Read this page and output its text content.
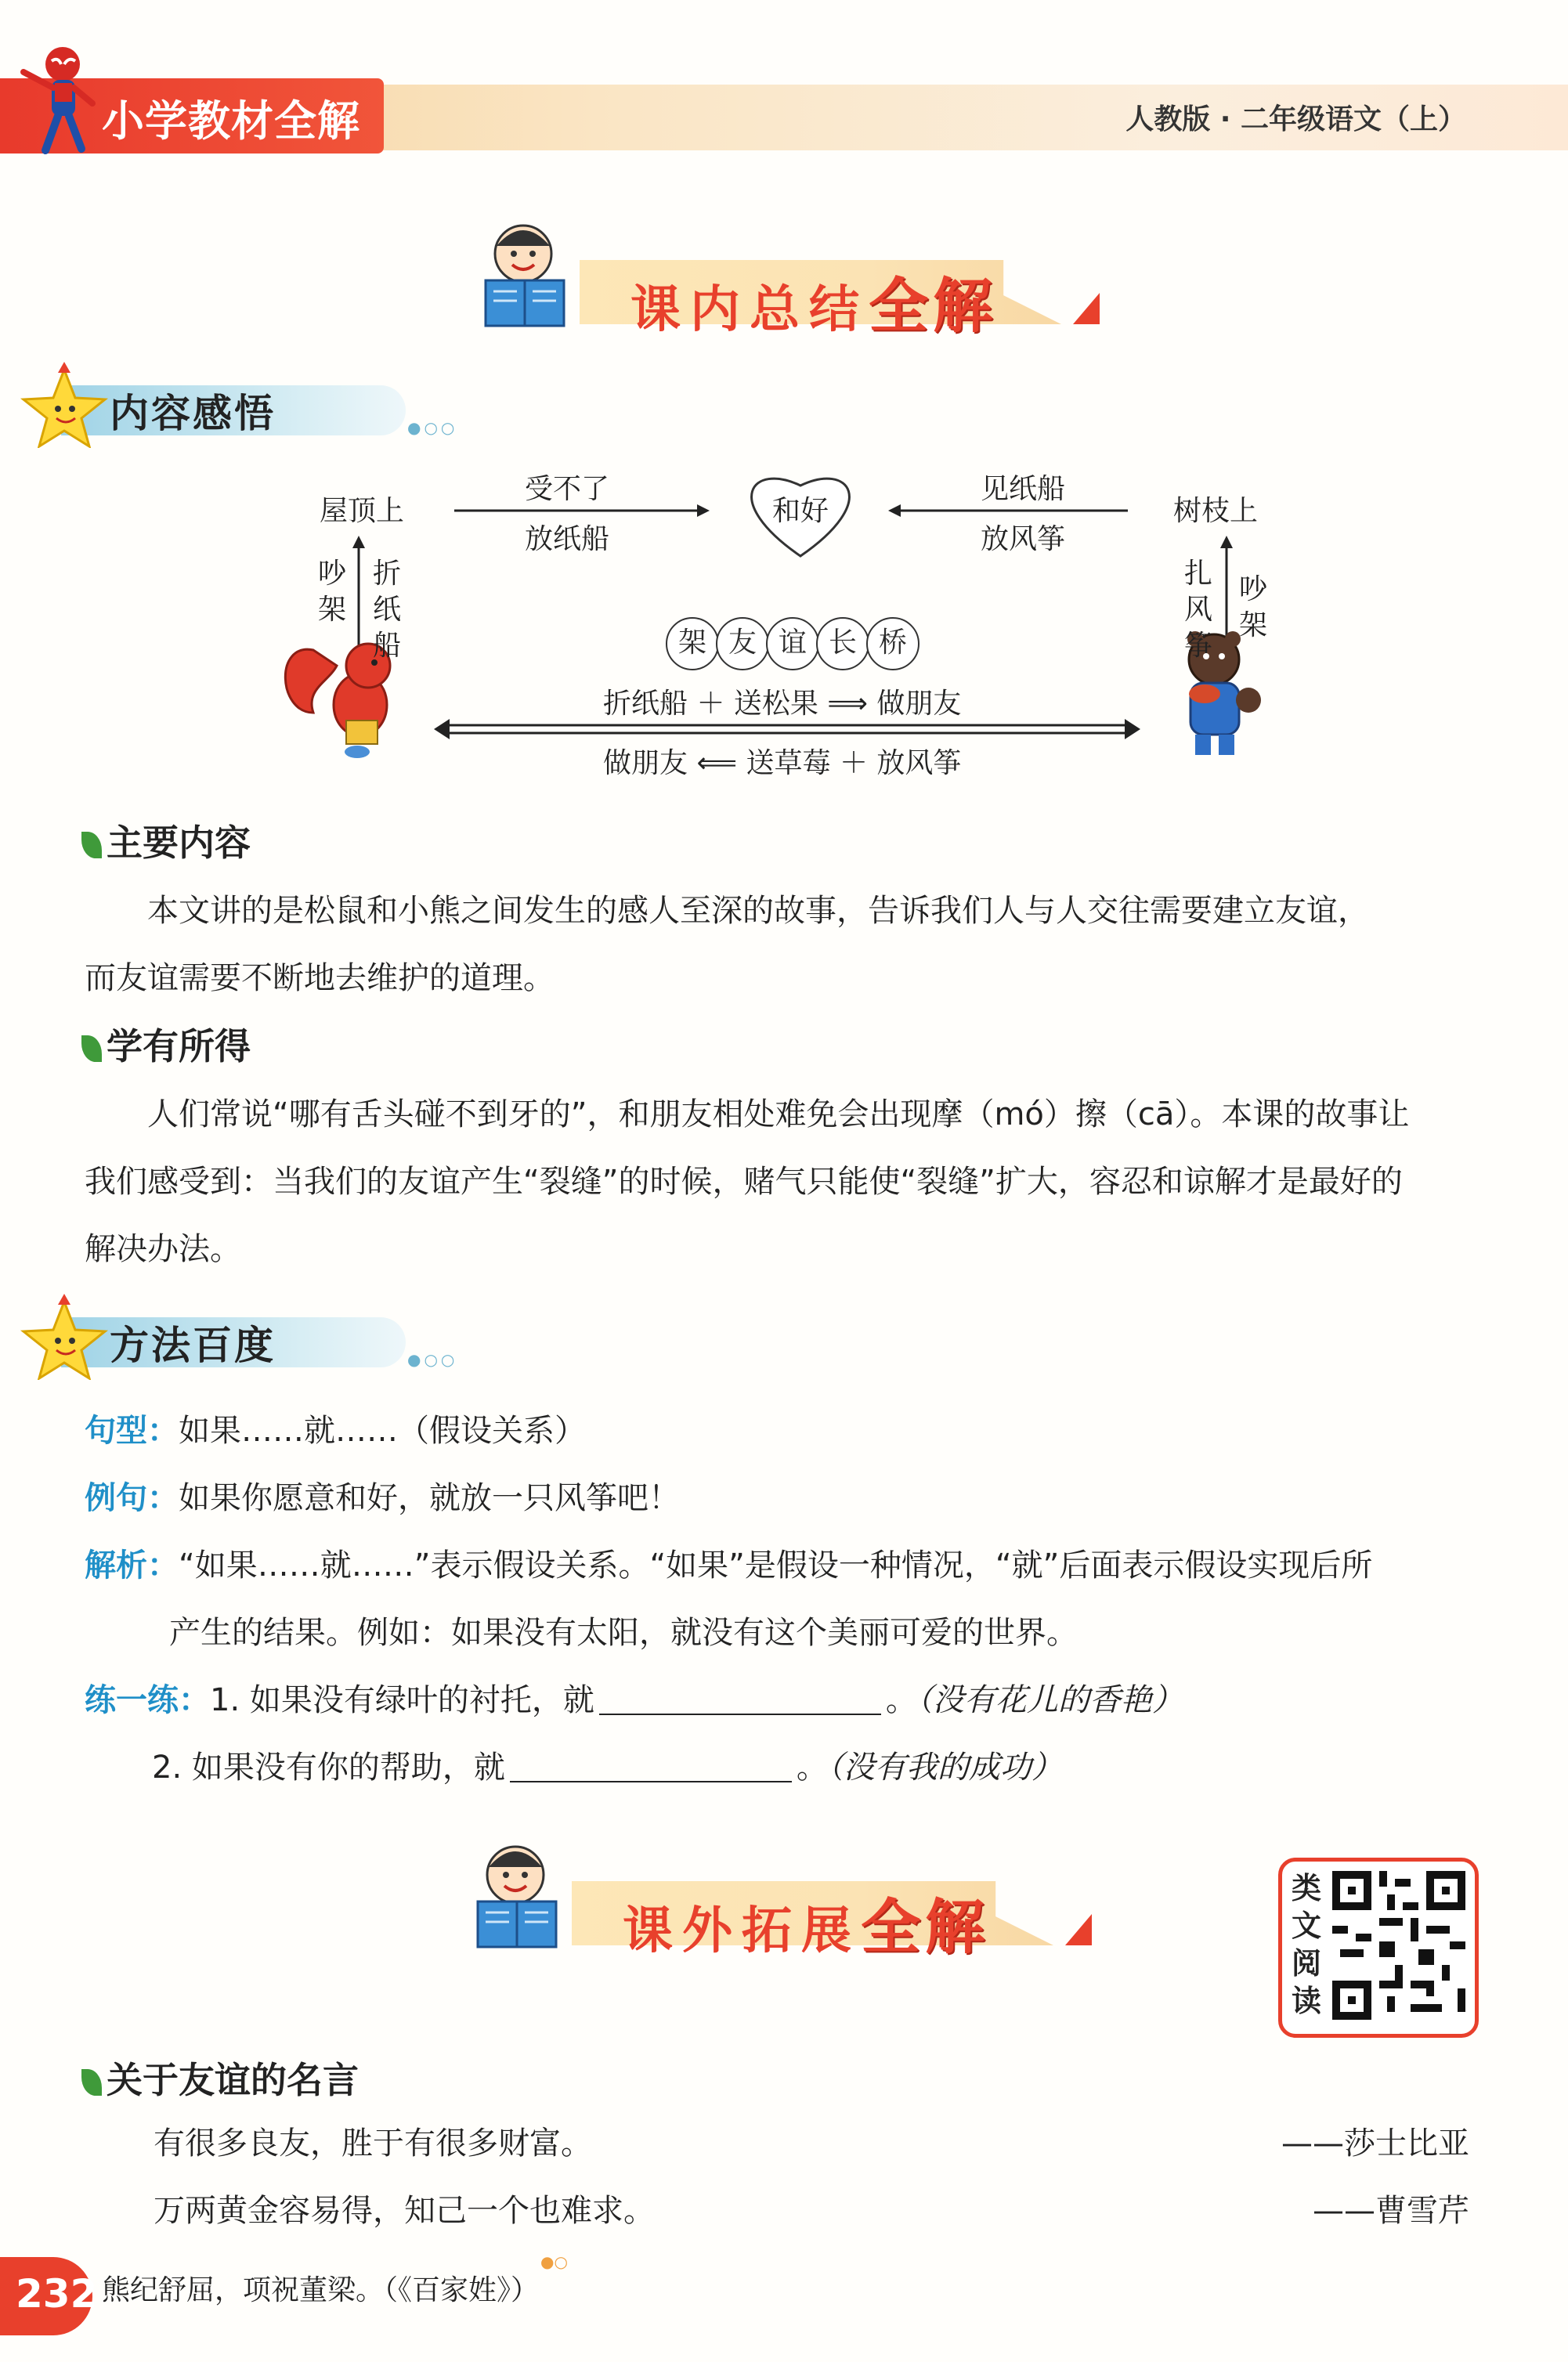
小学教材全解	人教版 · 二年级语文（上）
课内总结全解
内容感悟	●○○
屋顶上	树枝上
和好
受不了
放纸船
见纸船
放风筝
吵架
折纸船
扎风筝
吵架
架 友 谊 长 桥
折纸船 ＋ 送松果 ⟹ 做朋友
做朋友 ⟸ 送草莓 ＋ 放风筝
主要内容

　　本文讲的是松鼠和小熊之间发生的感人至深的故事，告诉我们人与人交往需要建立友谊，

而友谊需要不断地去维护的道理。

学有所得

　　人们常说“哪有舌头碰不到牙的”，和朋友相处难免会出现摩（mó）擦（cā）。本课的故事让

我们感受到：当我们的友谊产生“裂缝”的时候，赌气只能使“裂缝”扩大，容忍和谅解才是最好的

解决办法。

方法百度	●○○

句型：如果……就……（假设关系）

例句：如果你愿意和好，就放一只风筝吧！

解析：“如果……就……”表示假设关系。“如果”是假设一种情况，“就”后面表示假设实现后所

产生的结果。例如：如果没有太阳，就没有这个美丽可爱的世界。

练一练：1. 如果没有绿叶的衬托，就	。（没有花儿的香艳）

2. 如果没有你的帮助，就	。（没有我的成功）

课外拓展全解
类文阅读
关于友谊的名言
有很多良友，胜于有很多财富。	——莎士比亚
万两黄金容易得，知己一个也难求。	——曹雪芹
232 熊纪舒屈，项祝董梁。（《百家姓》）
●○
